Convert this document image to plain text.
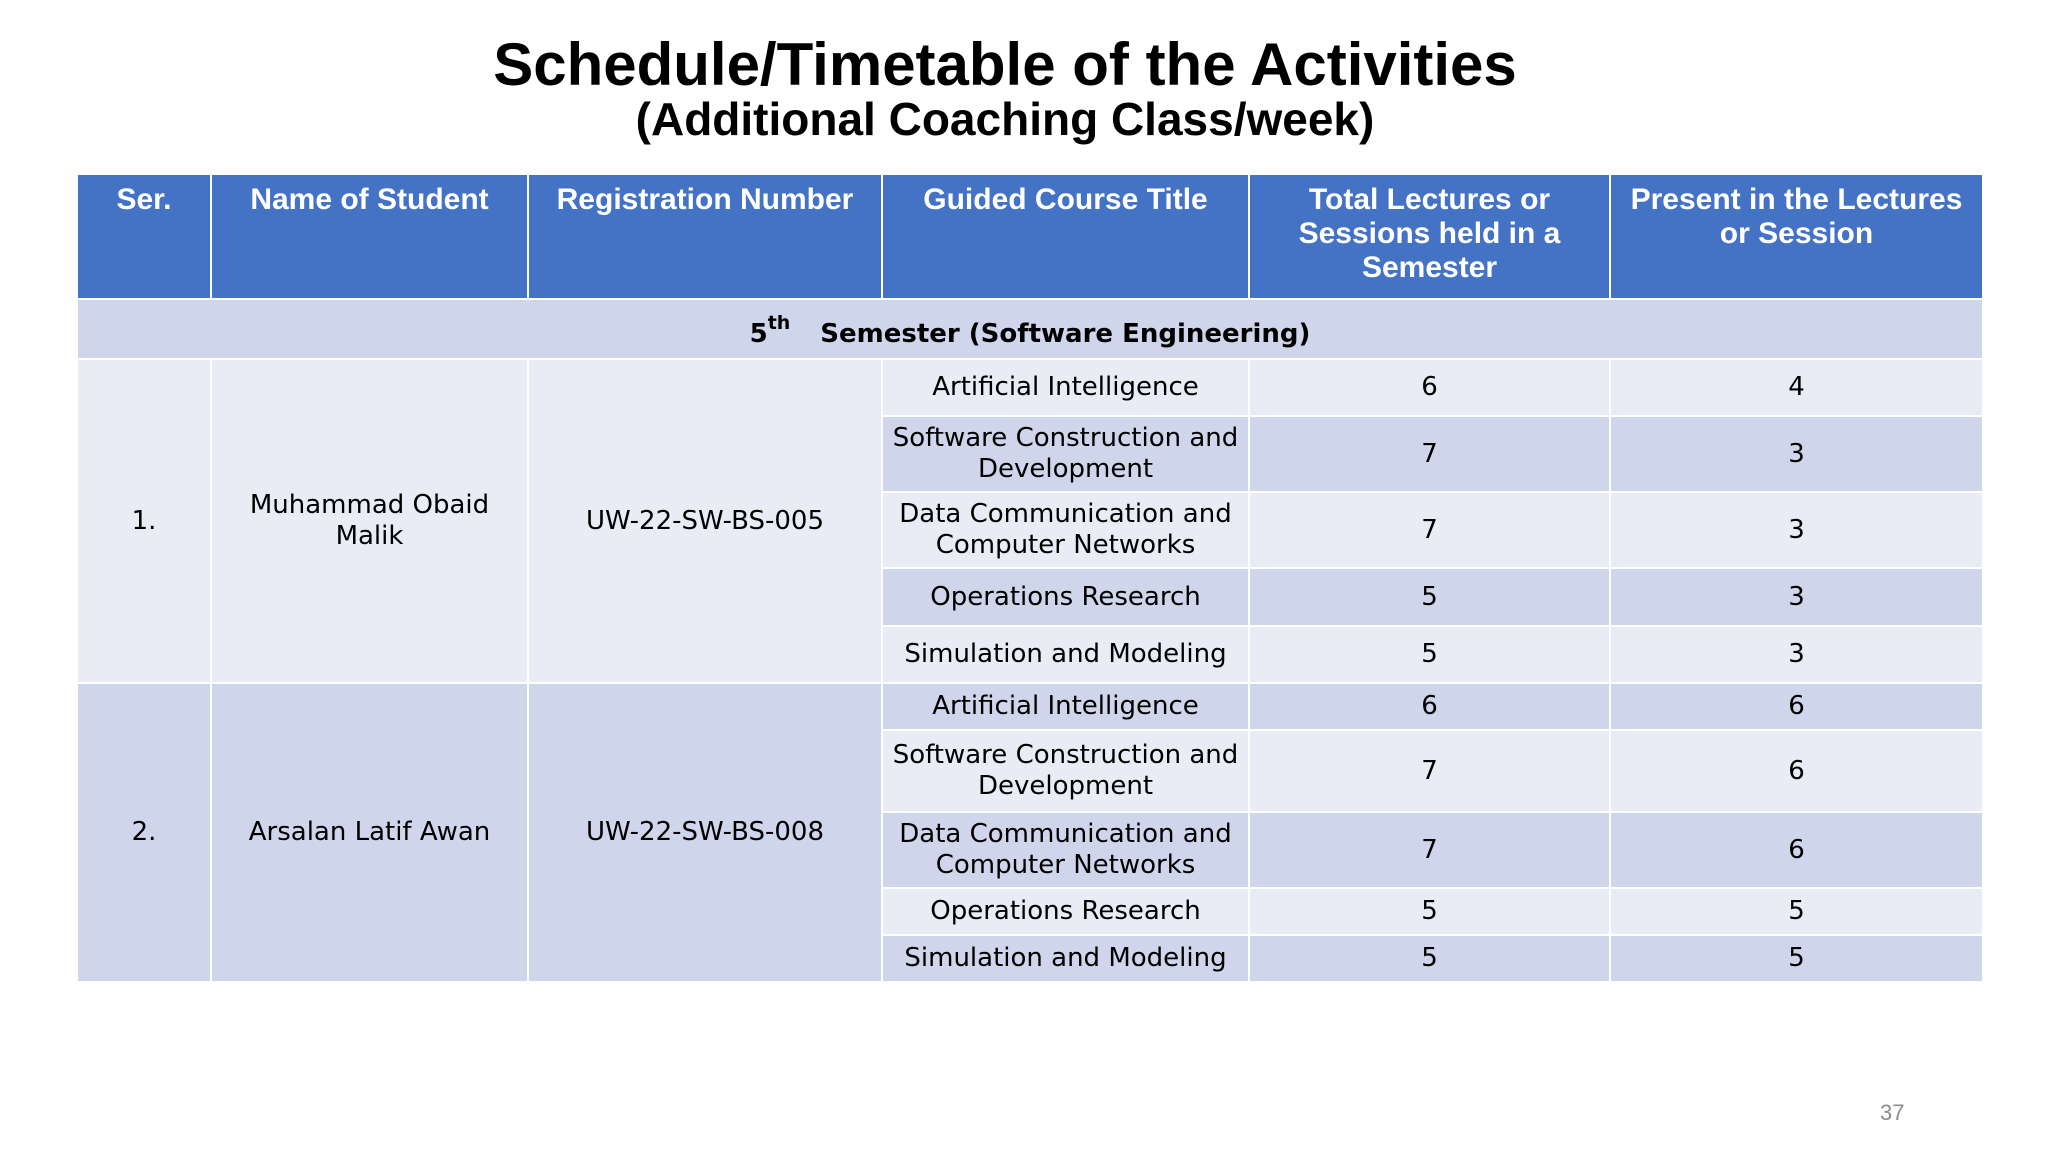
Schedule/Timetable of the Activities
(Additional Coaching Class/week)
Ser.	Name of Student	Registration Number	Guided Course Title	Total Lectures or Sessions held in a Semester	Present in the Lectures or Session
5th Semester (Software Engineering)					
1.	Muhammad Obaid Malik	UW-22-SW-BS-005	Artificial Intelligence	6	4
			Software Construction and Development	7	3
			Data Communication and Computer Networks	7	3
			Operations Research	5	3
			Simulation and Modeling	5	3
2.	Arsalan Latif Awan	UW-22-SW-BS-008	Artificial Intelligence	6	6
			Software Construction and Development	7	6
			Data Communication and Computer Networks	7	6
			Operations Research	5	5
			Simulation and Modeling	5	5
37
